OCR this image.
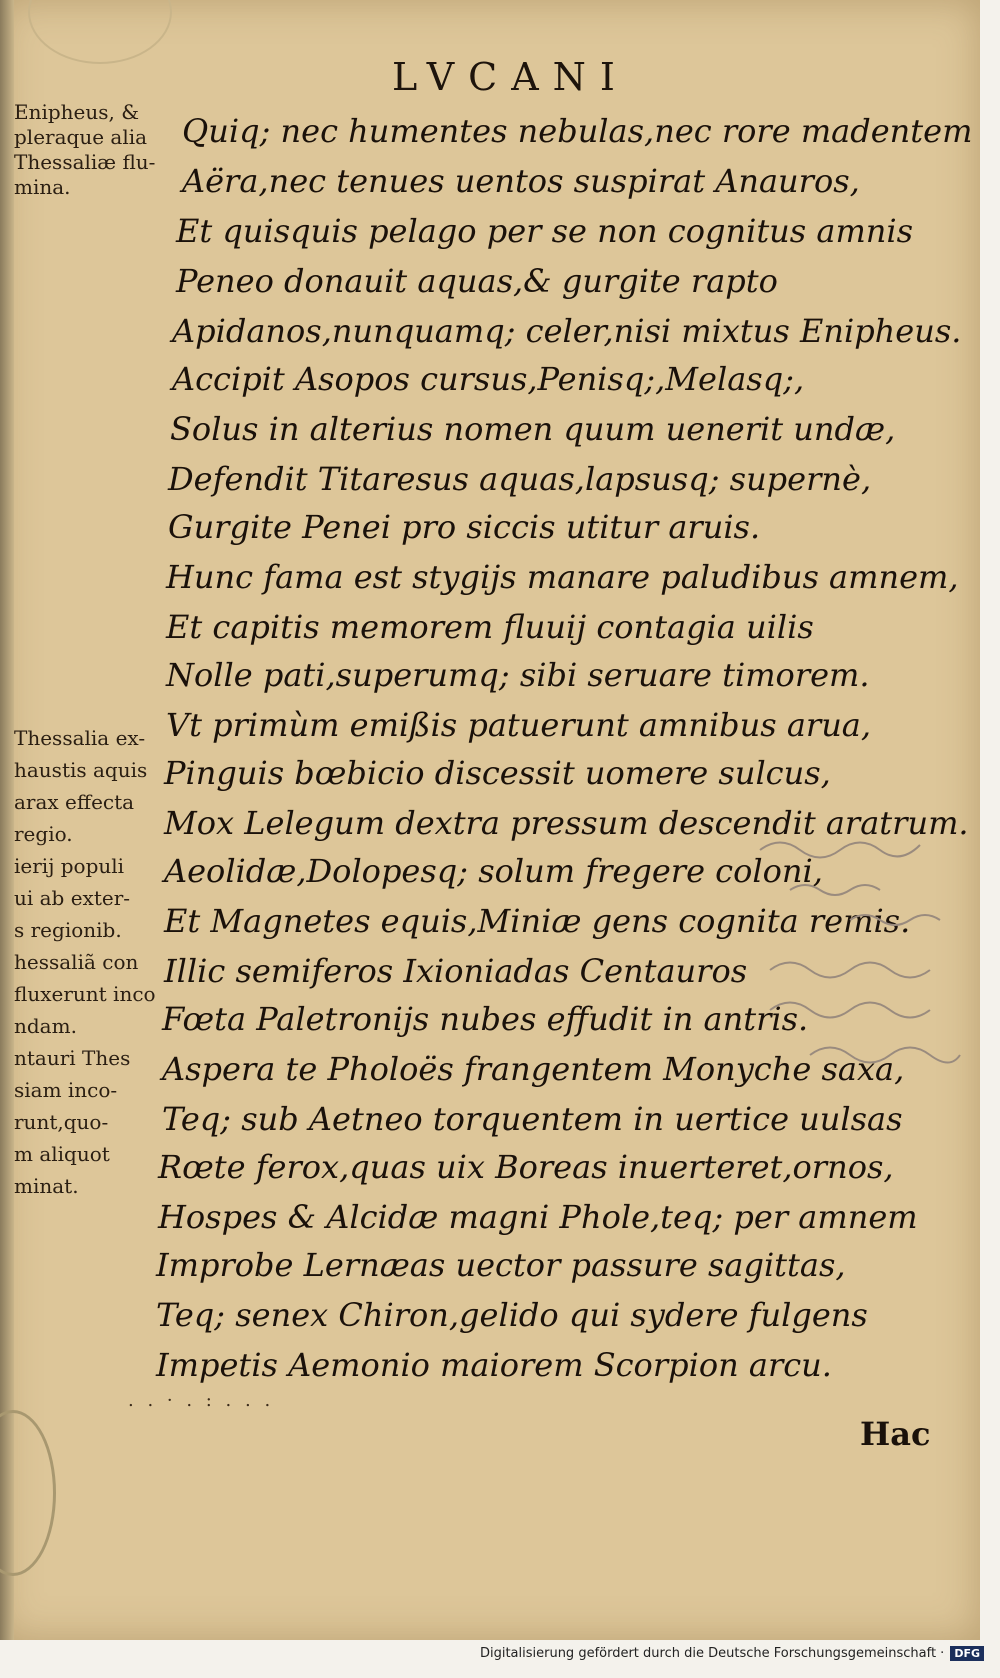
LVCANI
Enipheus, &
pleraque alia
Thessaliæ flu-
mina.
Thessalia ex-
haustis aquis
arax effecta
regio.
ierij populi
ui ab exter-
s regionib.
hessaliã con
fluxerunt inco
ndam.
ntauri Thes
siam inco-
runt,quo-
m aliquot
minat.
Quiq; nec humentes nebulas,nec rore madentem
Aëra,nec tenues uentos suspirat Anauros,
Et quisquis pelago per se non cognitus amnis
Peneo donauit aquas,& gurgite rapto
Apidanos,nunquamq; celer,nisi mixtus Enipheus.
Accipit Asopos cursus,Penisq;,Melasq;,
Solus in alterius nomen quum uenerit undæ,
Defendit Titaresus aquas,lapsusq; supernè,
Gurgite Penei pro siccis utitur aruis.
Hunc fama est stygijs manare paludibus amnem,
Et capitis memorem fluuij contagia uilis
Nolle pati,superumq; sibi seruare timorem.
Vt primùm emißis patuerunt amnibus arua,
Pinguis bœbicio discessit uomere sulcus,
Mox Lelegum dextra pressum descendit aratrum.
Aeolidæ,Dolopesq; solum fregere coloni,
Et Magnetes equis,Miniæ gens cognita remis.
Illic semiferos Ixioniadas Centauros
Fœta Paletronijs nubes effudit in antris.
Aspera te Pholoës frangentem Monyche saxa,
Teq; sub Aetneo torquentem in uertice uulsas
Rœte ferox,quas uix Boreas inuerteret,ornos,
Hospes & Alcidæ magni Phole,teq; per amnem
Improbe Lernæas uector passure sagittas,
Teq; senex Chiron,gelido qui sydere fulgens
Impetis Aemonio maiorem Scorpion arcu.
. . · . : . . .
Hac
Digitalisierung gefördert durch die Deutsche Forschungsgemeinschaft · DFG
